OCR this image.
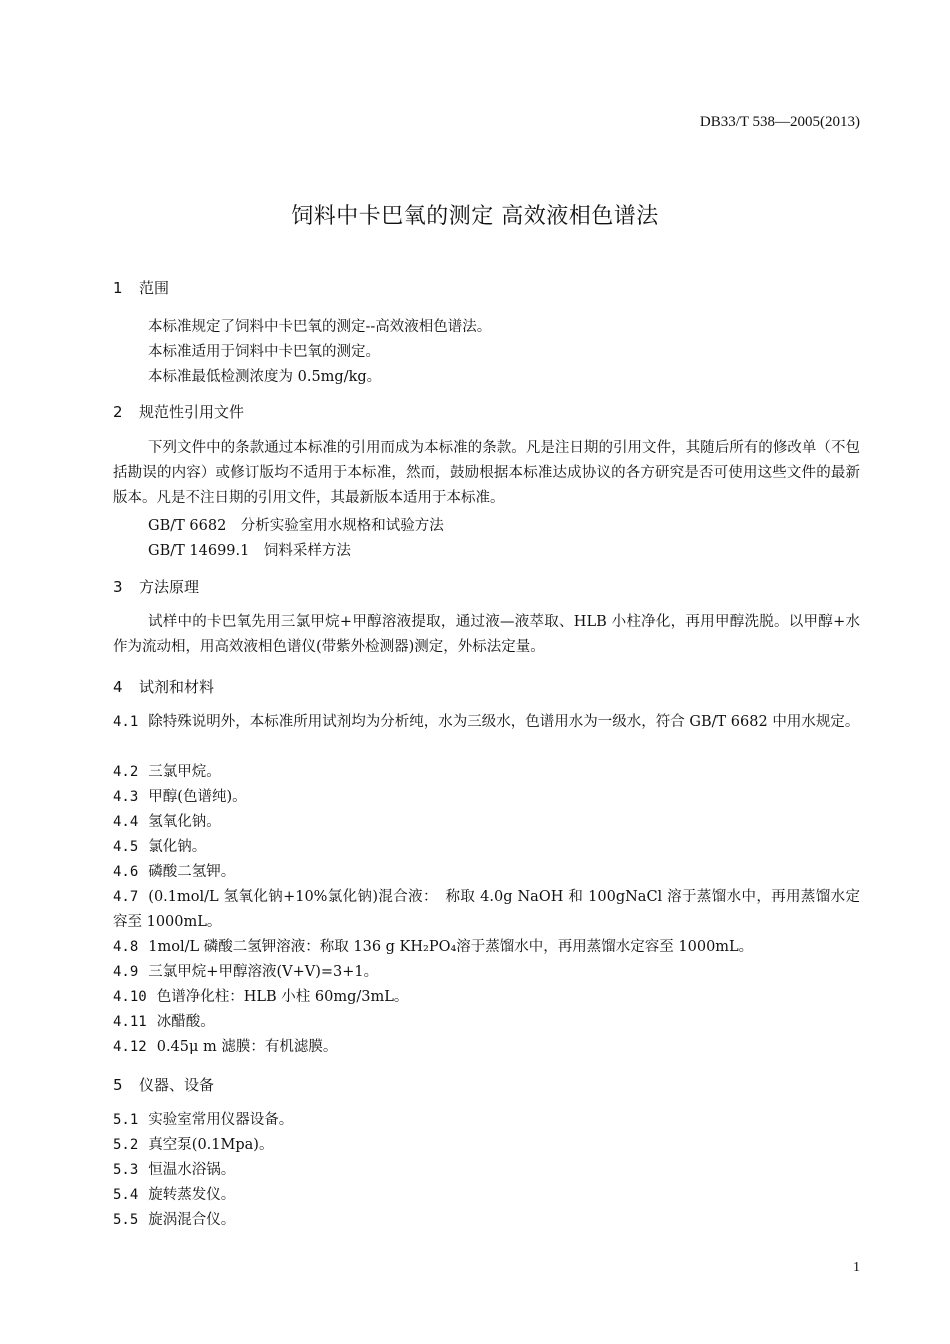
DB33/T 538—2005(2013)
饲料中卡巴氧的测定 高效液相色谱法
1 范围
本标准规定了饲料中卡巴氧的测定--高效液相色谱法。
本标准适用于饲料中卡巴氧的测定。
本标准最低检测浓度为 0.5mg/kg。
2 规范性引用文件
下列文件中的条款通过本标准的引用而成为本标准的条款。凡是注日期的引用文件，其随后所有的修改单（不包括勘误的内容）或修订版均不适用于本标准，然而，鼓励根据本标准达成协议的各方研究是否可使用这些文件的最新版本。凡是不注日期的引用文件，其最新版本适用于本标准。
GB/T 6682　分析实验室用水规格和试验方法
GB/T 14699.1　饲料采样方法
3 方法原理
试样中的卡巴氧先用三氯甲烷+甲醇溶液提取，通过液—液萃取、HLB 小柱净化，再用甲醇洗脱。以甲醇+水作为流动相，用高效液相色谱仪(带紫外检测器)测定，外标法定量。
4 试剂和材料
4.1 除特殊说明外，本标准所用试剂均为分析纯，水为三级水，色谱用水为一级水，符合 GB/T 6682 中用水规定。
4.2 三氯甲烷。
4.3 甲醇(色谱纯)。
4.4 氢氧化钠。
4.5 氯化钠。
4.6 磷酸二氢钾。
4.7 (0.1mol/L 氢氧化钠+10%氯化钠)混合液：　称取 4.0g NaOH 和 100gNaCl 溶于蒸馏水中，再用蒸馏水定容至 1000mL。
4.8 1mol/L 磷酸二氢钾溶液：称取 136 g KH₂PO₄溶于蒸馏水中，再用蒸馏水定容至 1000mL。
4.9 三氯甲烷+甲醇溶液(V+V)=3+1。
4.10 色谱净化柱：HLB 小柱 60mg/3mL。
4.11 冰醋酸。
4.12 0.45μ m 滤膜：有机滤膜。
5 仪器、设备
5.1 实验室常用仪器设备。
5.2 真空泵(0.1Mpa)。
5.3 恒温水浴锅。
5.4 旋转蒸发仪。
5.5 旋涡混合仪。
1
